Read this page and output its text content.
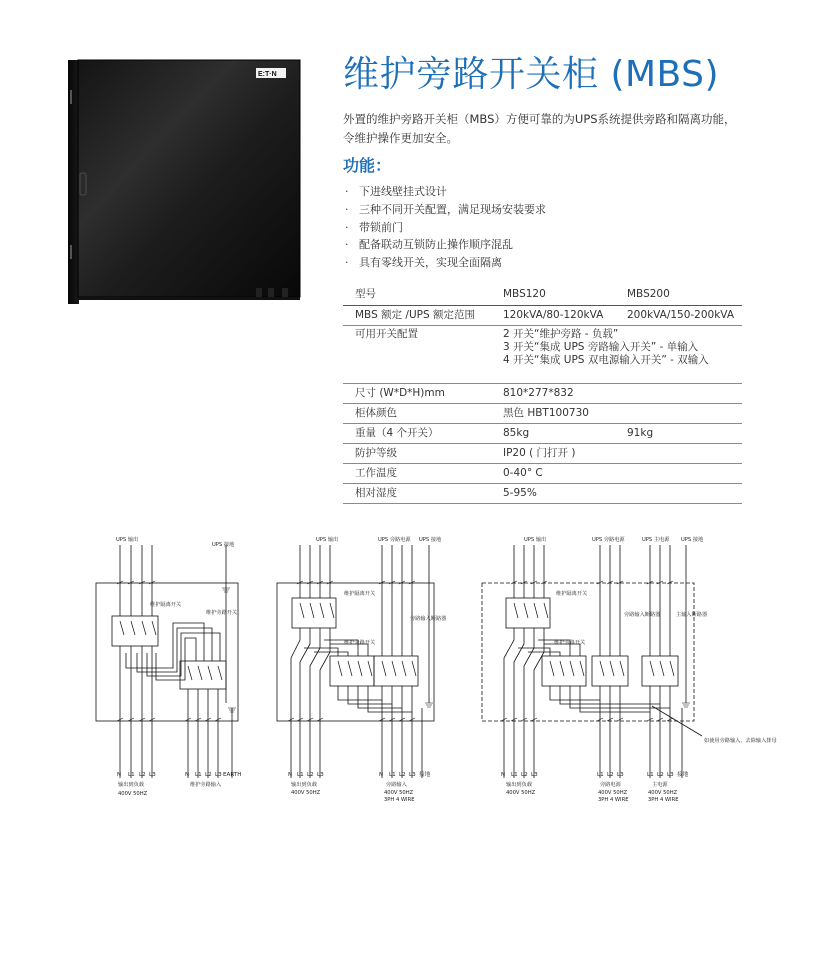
E:T·N 维护旁路开关柜 (MBS)
外置的维护旁路开关柜（MBS）方便可靠的为UPS系统提供旁路和隔离功能，令维护操作更加安全。
功能：
· 下进线壁挂式设计
· 三种不同开关配置，满足现场安装要求
· 带锁前门
· 配备联动互锁防止操作顺序混乱
· 具有零线开关，实现全面隔离
型号	MBS120	MBS200
MBS 额定 /UPS 额定范围	120kVA/80-120kVA	200kVA/150-200kVA
可用开关配置	2 开关“维护旁路 - 负载”
3 开关“集成 UPS 旁路输入开关” - 单输入
4 开关“集成 UPS 双电源输入开关” - 双输入	

尺寸 (W*D*H)mm	810*277*832	
柜体颜色	黑色 HBT100730	
重量（4 个开关）	85kg	91kg
防护等级	IP20 ( 门打开 )	
工作温度	0-40° C	
相对湿度	5-95%	
UPS 输出
UPS 接地
维护隔离开关
维护旁路开关
N L1 L2 L3	N L1 L2 L3 EARTH
输出到负载
400V 50HZ
维护旁路输入
UPS 输出	UPS 旁路电源 UPS 接地
维护隔离开关
维护旁路开关
旁路输入断路器
N L1 L2 L3	N L1 L2 L3 接地
输出到负载
400V 50HZ
旁路输入
400V 50HZ
3PH 4 WIRE
UPS 输出	UPS 旁路电源	UPS 主电源 UPS 接地
维护隔离开关
维护旁路开关
旁路输入断路器	主输入断路器
如使用旁路输入，去除输入排母
N L1 L2 L3	L1 L2 L3	L1 L2 L3 接地
输出到负载
400V 50HZ
旁路电源
400V 50HZ
3PH 4 WIRE
主电源
400V 50HZ
3PH 4 WIRE
